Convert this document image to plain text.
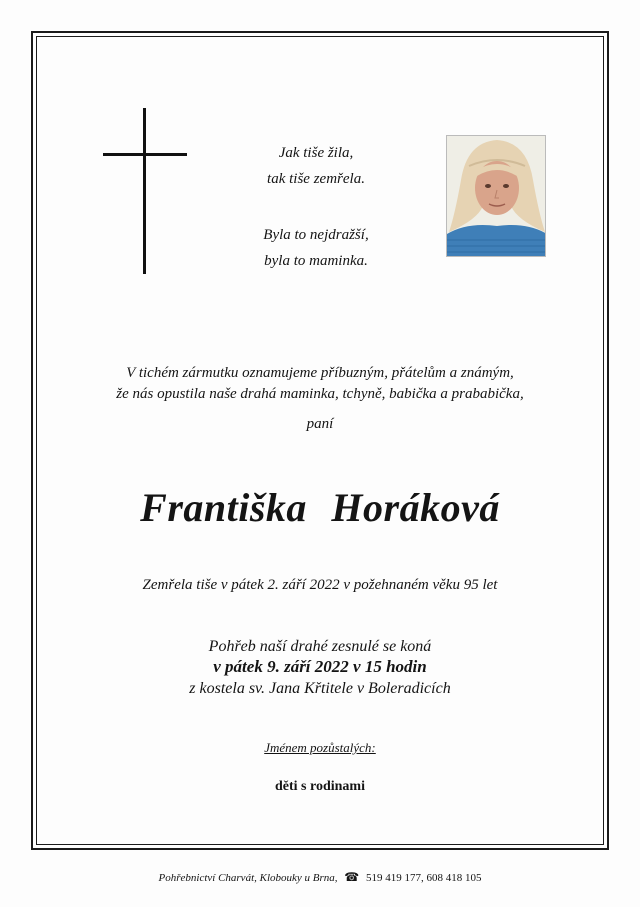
Jak tiše žila,
tak tiše zemřela.
Byla to nejdražší,
byla to maminka.
V tichém zármutku oznamujeme příbuzným, přátelům a známým,
že nás opustila naše drahá maminka, tchyně, babička a prababička,
paní
Františka Horáková
Zemřela tiše v pátek 2. září 2022 v požehnaném věku 95 let
Pohřeb naší drahé zesnulé se koná
v pátek 9. září 2022 v 15 hodin
z kostela sv. Jana Křtitele v Boleradicích
Jménem pozůstalých:
děti s rodinami
Pohřebnictví Charvát, Klobouky u Brna, ☎ 519 419 177, 608 418 105
